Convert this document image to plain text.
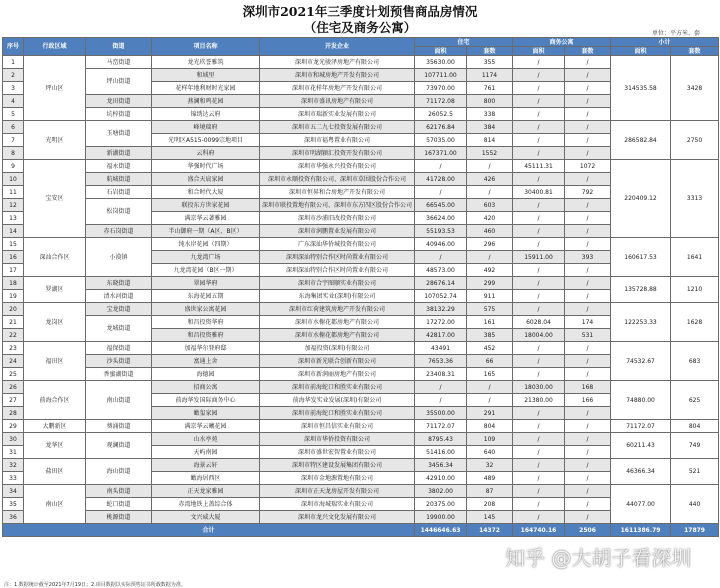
深圳市2021年三季度计划预售商品房情况
（住宅及商务公寓）	单位：平方米、套
序号	行政区域	街道	项目名称	开发企业	住宅		商务公寓		小计	
					面积	套数	面积	套数	面积	套数
1	坪山区	马峦街道	龙光玖誉雅筑	深圳市龙光骏泽房地产有限公司	35630.00	355	/	/	314535.58	3428
2		坪山街道	和域里	深圳市和城房地产开发有限公司	107711.00	1174	/	/		
3			花样年地利财时光家园	深圳市花样年房地产开发有限公司	73970.00	761	/	/		
4		龙田街道	燕澜和鸣花园	深圳市盛讯房地产有限公司	71172.08	800	/	/		
5		坑梓街道	锦绣达云府	深圳市瑞新实业发展有限公司	26052.5	338	/	/		
6	光明区	玉塘街道	峰境瑞府	深圳市五二九七投资发展有限公司	62176.84	384	/	/	286582.84	2750
7			光明区A515-0099宗地项目	深圳市福粤置业有限公司	57035.00	814	/	/		
8		新湖街道	云科府	深圳市明湖颍汇投资开发有限公司	167371.00	1552	/	/		
9	宝安区	福永街道	华强时代广场	深圳市华强永兴投资有限公司	/	/	45111.31	1072	220409.12	3313
10		航城街道	盛合天宸家园	深圳市永顺投资有限公司、深圳市草围股份合作公司	41728.00	426	/	/		
11		石岩街道	和合时代大厦	深圳市恒昇和合房地产开发有限公司	/	/	30400.81	792		
12		松岗街道	联投东方世家花园	深圳市联投置地有限公司、深圳市东方四区股份合作公司	66545.00	603	/	/		
13			满京华云著雅园	深圳市沙浦旧改投资有限公司	36624.00	420	/	/		
14		赤石岗街道	半山御府一期（A区、B区）	深圳市润鹏置业发展有限公司	55193.53	460	/	/		
15	深汕合作区	小漠镇	纯水岸花园（四期）	广东深汕华侨城投资有限公司	40946.00	296	/	/	160617.53	1641
16			九龙湾广场	深圳深汕特别合作区时尚置业有限公司	/	/	15911.00	393		
17			九龙湾花园（B区一期）	深圳深汕特别合作区时尚置业有限公司	48573.00	492	/	/		
18	罗湖区	东晓街道	翠园华府	深圳市合宇图顺实业有限公司	28676.14	299	/	/	135728.88	1210
19		清水河街道	东海花园五期	东海集团实业(深圳)有限公司	107052.74	911	/	/		
20	龙岗区	宝龙街道	盛世家公寓花园	深圳市红荷建筑房地产开发有限公司	38132.29	575	/	/	122253.33	1628
21		龙城街道	和昌投资华府	深圳市水榭花都房地产有限公司	17272.00	161	6028.04	174		
22			和昌投资雅府	深圳市水榭花都房地产有限公司	42817.00	385	18004.00	531		
23	福田区	福保街道	加福华尔登府邸	加福投资(深圳)有限公司	43491	452	/	/	74532.67	683
24		沙头街道	富通上舍	深圳市新光联合创新有限公司	7653.36	66	/	/		
25		香蜜湖街道	海德园	深圳市新润丽房地产有限公司	23408.31	165	/	/		
26	前海合作区	南山街道	招商公寓	深圳市前海蛇口和胜实业有限公司	/	/	18030.00	168	74880.00	625
27			前海华发国际商务中心	前海华发实业发展(深圳)有限公司	/	/	21380.00	166		
28			瞰玺家园	深圳市前海蛇口和胜实业有限公司	35500.00	291	/	/		
29	大鹏新区	葵涌街道	满京华云曦花园	深圳市恒昌信实业有限公司	71172.07	804	/	/	71172.07	804
30	龙华区	观澜街道	山水亭苑	深圳市华侨投资有限公司	8795.43	109	/	/	60211.43	749
31			天屿南园	深圳市盛世宏智置业有限公司	51416.00	640	/	/		
32	盐田区	海山街道	海景云轩	深圳市特区建设发展集团有限公司	3456.34	32	/	/	46366.34	521
33			瞰海居西区	深圳市金地源置地有限公司	42910.00	489	/	/		
34	南山区	南头街道	正天龙家雅园	深圳市正天龙房屋开发有限公司	3802.00	87	/	/	44077.00	440
35		蛇口街道	赤湾地铁上盖综合体	深圳市海城瑞实业有限公司	20375.00	208	/	/		
36		桃源街道	文兴威大厦	深圳市龙兴文化发展有限公司	19900.00	145	/	/		
合计					1446646.63	14372	164740.16	2506	1611386.79	17879
注：1.数据统计截至2021年7月19日；2.项目数据以实际预售证书所载数据为准。
知乎 @大胡子看深圳
